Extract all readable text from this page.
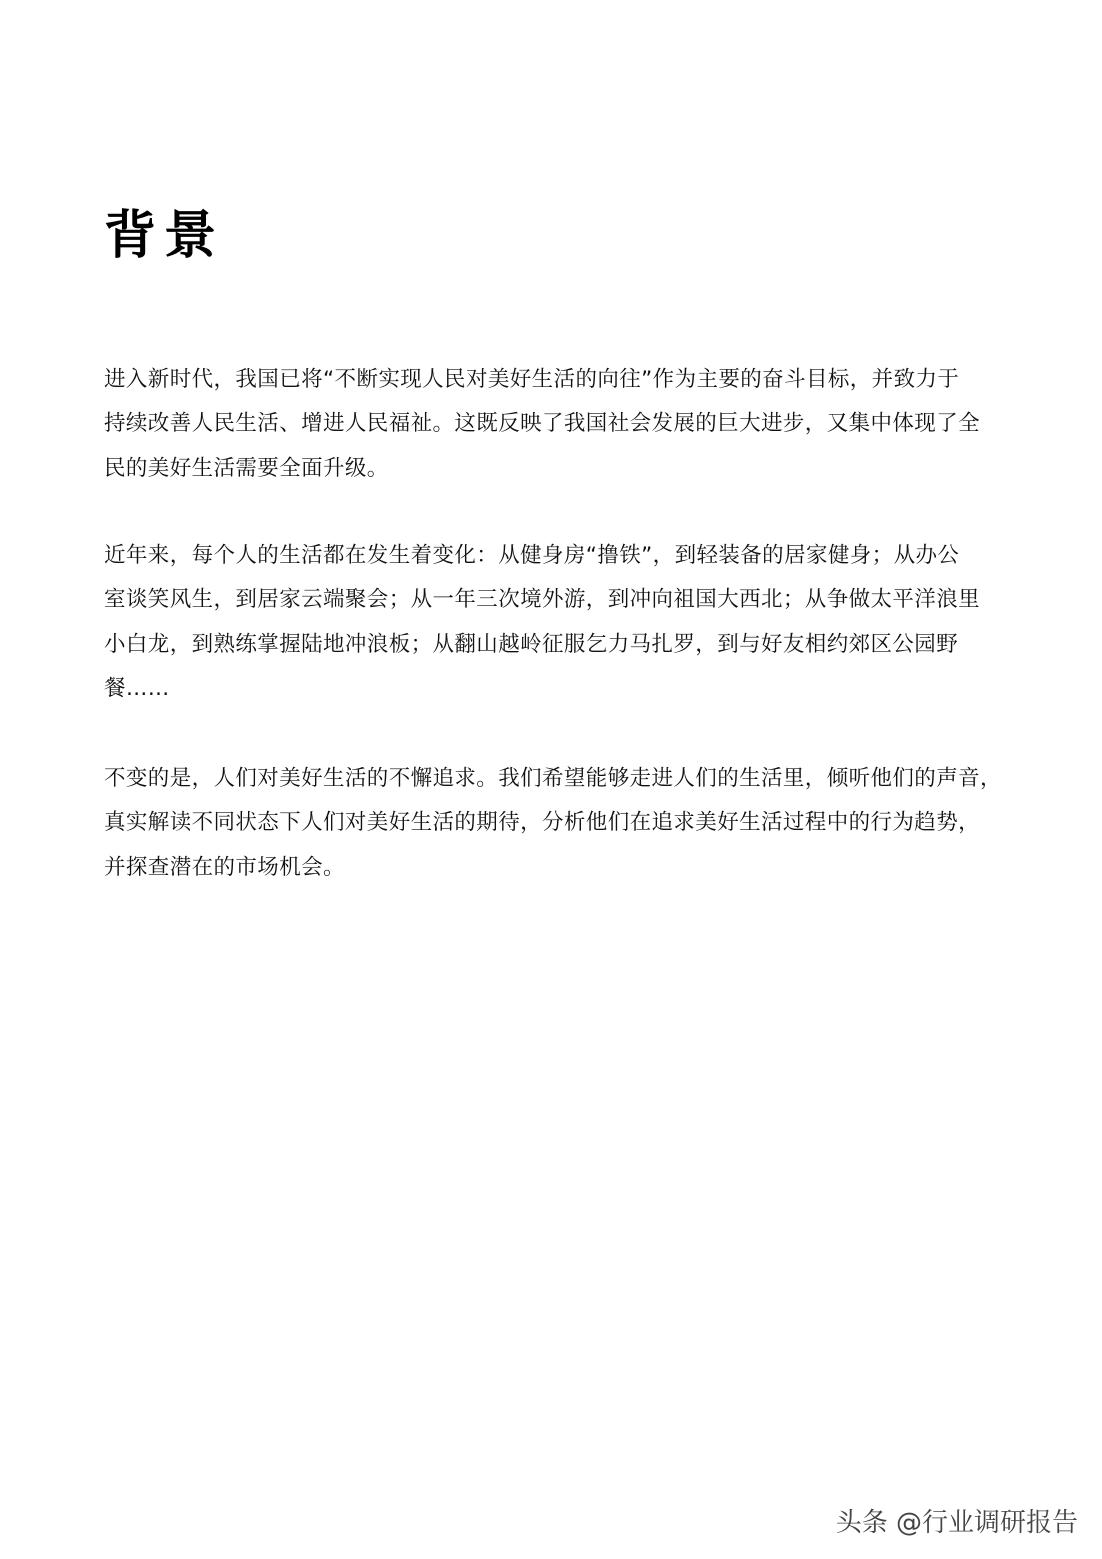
背景
进入新时代，我国已将“不断实现人民对美好生活的向往”作为主要的奋斗目标，并致力于
持续改善人民生活、增进人民福祉。这既反映了我国社会发展的巨大进步，又集中体现了全
民的美好生活需要全面升级。
近年来，每个人的生活都在发生着变化：从健身房“撸铁”，到轻装备的居家健身；从办公
室谈笑风生，到居家云端聚会；从一年三次境外游，到冲向祖国大西北；从争做太平洋浪里
小白龙，到熟练掌握陆地冲浪板；从翻山越岭征服乞力马扎罗，到与好友相约郊区公园野
餐……
不变的是，人们对美好生活的不懈追求。我们希望能够走进人们的生活里，倾听他们的声音，
真实解读不同状态下人们对美好生活的期待，分析他们在追求美好生活过程中的行为趋势，
并探查潜在的市场机会。
头条 @行业调研报告
